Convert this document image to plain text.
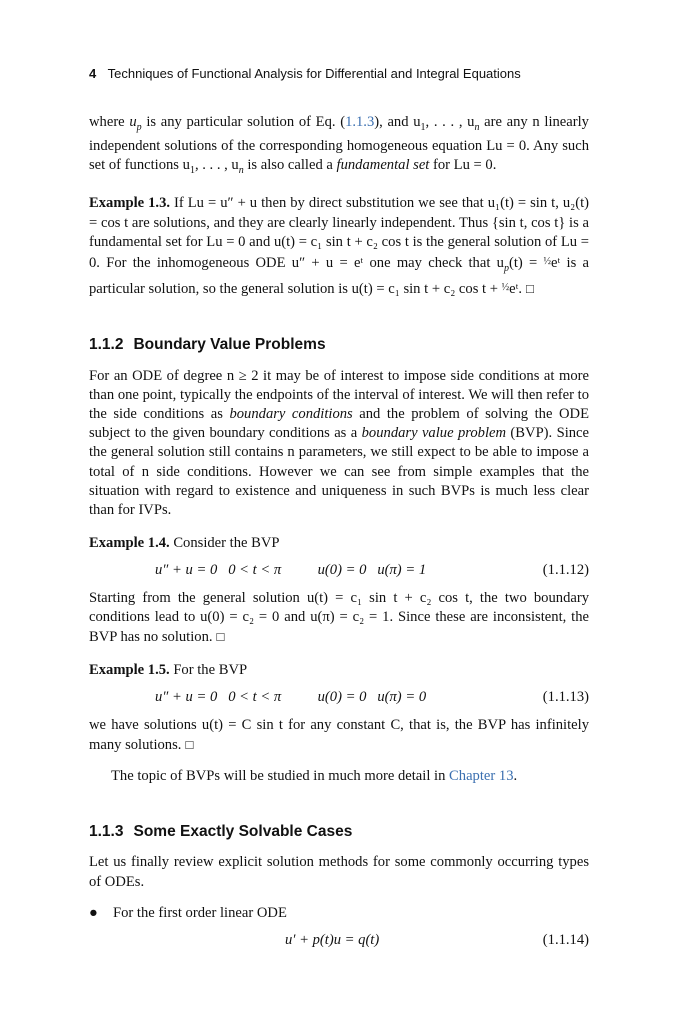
4 Techniques of Functional Analysis for Differential and Integral Equations

where $u_p$ is any particular solution of Eq. (1.1.3), and $u_1$, . . . , $u_n$ are any n linearly independent solutions of the corresponding homogeneous equation Lu = 0. Any such set of functions $u_1$, . . . , $u_n$ is also called a fundamental set for Lu = 0.

Example 1.3. If Lu = u″ + u then by direct substitution we see that u₁(t) = sin t, u₂(t) = cos t are solutions, and they are clearly linearly independent. Thus {sin t, cos t} is a fundamental set for Lu = 0 and u(t) = c₁ sin t + c₂ cos t is the general solution of Lu = 0. For the inhomogeneous ODE u″ + u = eᵗ one may check that $u_p(t)$ = $^{\frac{1}{2}}$eᵗ is a particular solution, so the general solution is u(t) = c₁ sin t + c₂ cos t + $^{\frac{1}{2}}$eᵗ. □

1.1.2 Boundary Value Problems

For an ODE of degree n ≥ 2 it may be of interest to impose side conditions at more than one point, typically the endpoints of the interval of interest. We will then refer to the side conditions as boundary conditions and the problem of solving the ODE subject to the given boundary conditions as a boundary value problem (BVP). Since the general solution still contains n parameters, we still expect to be able to impose a total of n side conditions. However we can see from simple examples that the situation with regard to existence and uniqueness in such BVPs is much less clear than for IVPs.

Example 1.4. Consider the BVP

u″ + u = 0   0 < t < π          u(0) = 0   u(π) = 1	(1.1.12)

Starting from the general solution u(t) = c₁ sin t + c₂ cos t, the two boundary conditions lead to u(0) = c₂ = 0 and u(π) = c₂ = 1. Since these are inconsistent, the BVP has no solution. □

Example 1.5. For the BVP

u″ + u = 0   0 < t < π          u(0) = 0   u(π) = 0	(1.1.13)

we have solutions u(t) = C sin t for any constant C, that is, the BVP has infinitely many solutions. □

The topic of BVPs will be studied in much more detail in Chapter 13.

1.1.3 Some Exactly Solvable Cases

Let us finally review explicit solution methods for some commonly occurring types of ODEs.

●	For the first order linear ODE
u′ + p(t)u = q(t)	(1.1.14)
